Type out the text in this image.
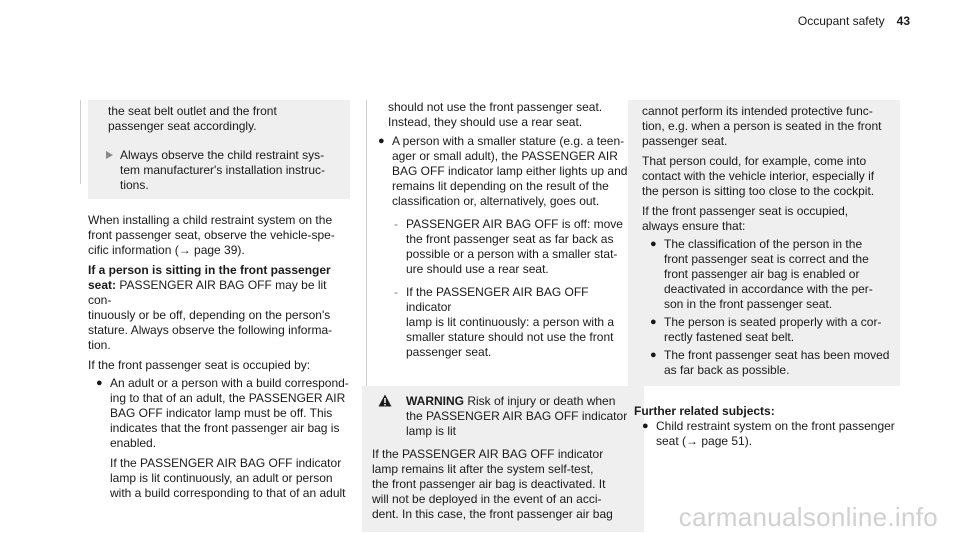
Occupant safety 43

the seat belt outlet and the front
passenger seat accordingly.

Always observe the child restraint sys-
tem manufacturer's installation instruc-
tions.

When installing a child restraint system on the
front passenger seat, observe the vehicle-spe-
cific information (→ page 39).

If a person is sitting in the front passenger
seat: PASSENGER AIR BAG OFF may be lit con-
tinuously or be off, depending on the person's
stature. Always observe the following informa-
tion.

If the front passenger seat is occupied by:

● An adult or a person with a build correspond-
ing to that of an adult, the PASSENGER AIR
BAG OFF indicator lamp must be off. This
indicates that the front passenger air bag is
enabled.

If the PASSENGER AIR BAG OFF indicator
lamp is lit continuously, an adult or person
with a build corresponding to that of an adult

should not use the front passenger seat.
Instead, they should use a rear seat.

● A person with a smaller stature (e.g. a teen-
ager or small adult), the PASSENGER AIR
BAG OFF indicator lamp either lights up and
remains lit depending on the result of the
classification or, alternatively, goes out.

- PASSENGER AIR BAG OFF is off: move
the front passenger seat as far back as
possible or a person with a smaller stat-
ure should use a rear seat.

- If the PASSENGER AIR BAG OFF indicator
lamp is lit continuously: a person with a
smaller stature should not use the front
passenger seat.

WARNING Risk of injury or death when
the PASSENGER AIR BAG OFF indicator
lamp is lit

If the PASSENGER AIR BAG OFF indicator
lamp remains lit after the system self-test,
the front passenger air bag is deactivated. It
will not be deployed in the event of an acci-
dent. In this case, the front passenger air bag

cannot perform its intended protective func-
tion, e.g. when a person is seated in the front
passenger seat.

That person could, for example, come into
contact with the vehicle interior, especially if
the person is sitting too close to the cockpit.

If the front passenger seat is occupied,
always ensure that:

● The classification of the person in the
front passenger seat is correct and the
front passenger air bag is enabled or
deactivated in accordance with the per-
son in the front passenger seat.

● The person is seated properly with a cor-
rectly fastened seat belt.

● The front passenger seat has been moved
as far back as possible.

Further related subjects:

● Child restraint system on the front passenger
seat (→ page 51).

carmanualsonline.info
